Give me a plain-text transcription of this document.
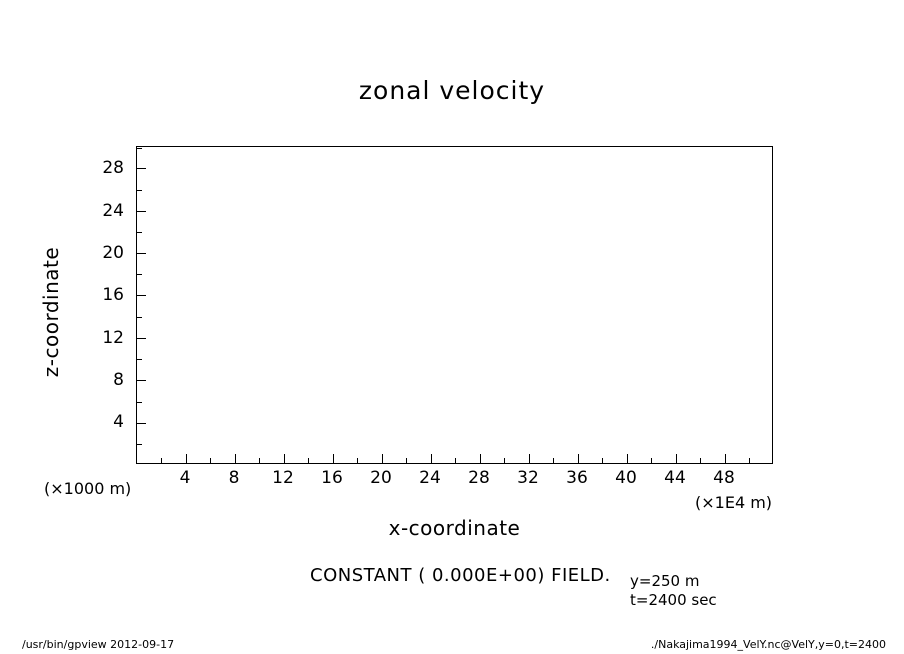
zonal velocity
4	8	12	16	20	24	28	32	36	40	44	48
4
8
12
16
20
24
28
x-coordinate
z-coordinate
(×1000 m)
(×1E4 m)
CONSTANT ( 0.000E+00) FIELD. y=250 m
t=2400 sec
/usr/bin/gpview 2012-09-17	./Nakajima1994_VelY.nc@VelY,y=0,t=2400
